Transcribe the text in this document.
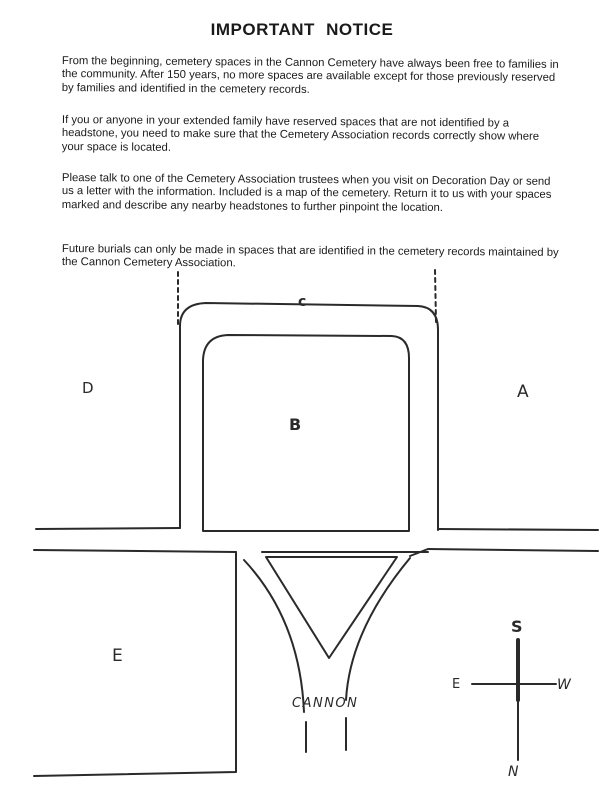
IMPORTANT NOTICE

From the beginning, cemetery spaces in the Cannon Cemetery have always been free to families in the community. After 150 years, no more spaces are available except for those previously reserved by families and identified in the cemetery records.

If you or anyone in your extended family have reserved spaces that are not identified by a headstone, you need to make sure that the Cemetery Association records correctly show where your space is located.

Please talk to one of the Cemetery Association trustees when you visit on Decoration Day or send us a letter with the information. Included is a map of the cemetery. Return it to us with your spaces marked and describe any nearby headstones to further pinpoint the location.

Future burials can only be made in spaces that are identified in the cemetery records maintained by the Cannon Cemetery Association.

c
D	A
B
E
CANNON
S
E	W
N
